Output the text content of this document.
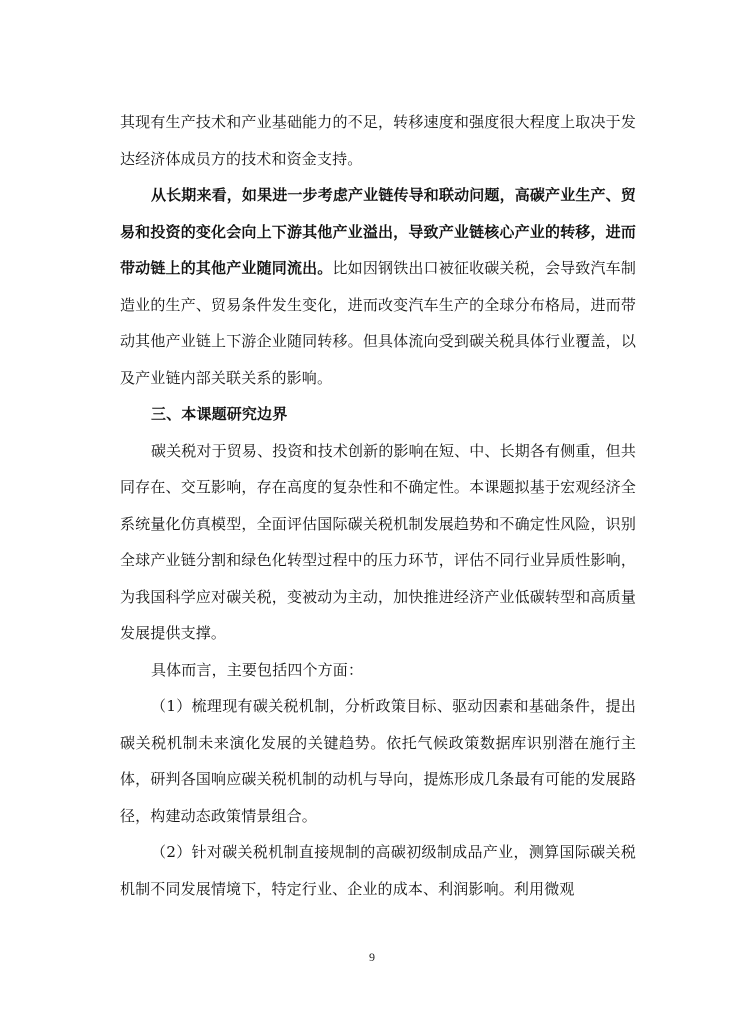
其现有生产技术和产业基础能力的不足，转移速度和强度很大程度上取决于发达经济体成员方的技术和资金支持。

从长期来看，如果进一步考虑产业链传导和联动问题，高碳产业生产、贸易和投资的变化会向上下游其他产业溢出，导致产业链核心产业的转移，进而带动链上的其他产业随同流出。比如因钢铁出口被征收碳关税，会导致汽车制造业的生产、贸易条件发生变化，进而改变汽车生产的全球分布格局，进而带动其他产业链上下游企业随同转移。但具体流向受到碳关税具体行业覆盖，以及产业链内部关联关系的影响。

三、本课题研究边界

碳关税对于贸易、投资和技术创新的影响在短、中、长期各有侧重，但共同存在、交互影响，存在高度的复杂性和不确定性。本课题拟基于宏观经济全系统量化仿真模型，全面评估国际碳关税机制发展趋势和不确定性风险，识别全球产业链分割和绿色化转型过程中的压力环节，评估不同行业异质性影响，为我国科学应对碳关税，变被动为主动，加快推进经济产业低碳转型和高质量发展提供支撑。

具体而言，主要包括四个方面：

（1）梳理现有碳关税机制，分析政策目标、驱动因素和基础条件，提出碳关税机制未来演化发展的关键趋势。依托气候政策数据库识别潜在施行主体，研判各国响应碳关税机制的动机与导向，提炼形成几条最有可能的发展路径，构建动态政策情景组合。

（2）针对碳关税机制直接规制的高碳初级制成品产业，测算国际碳关税机制不同发展情境下，特定行业、企业的成本、利润影响。利用微观

9
